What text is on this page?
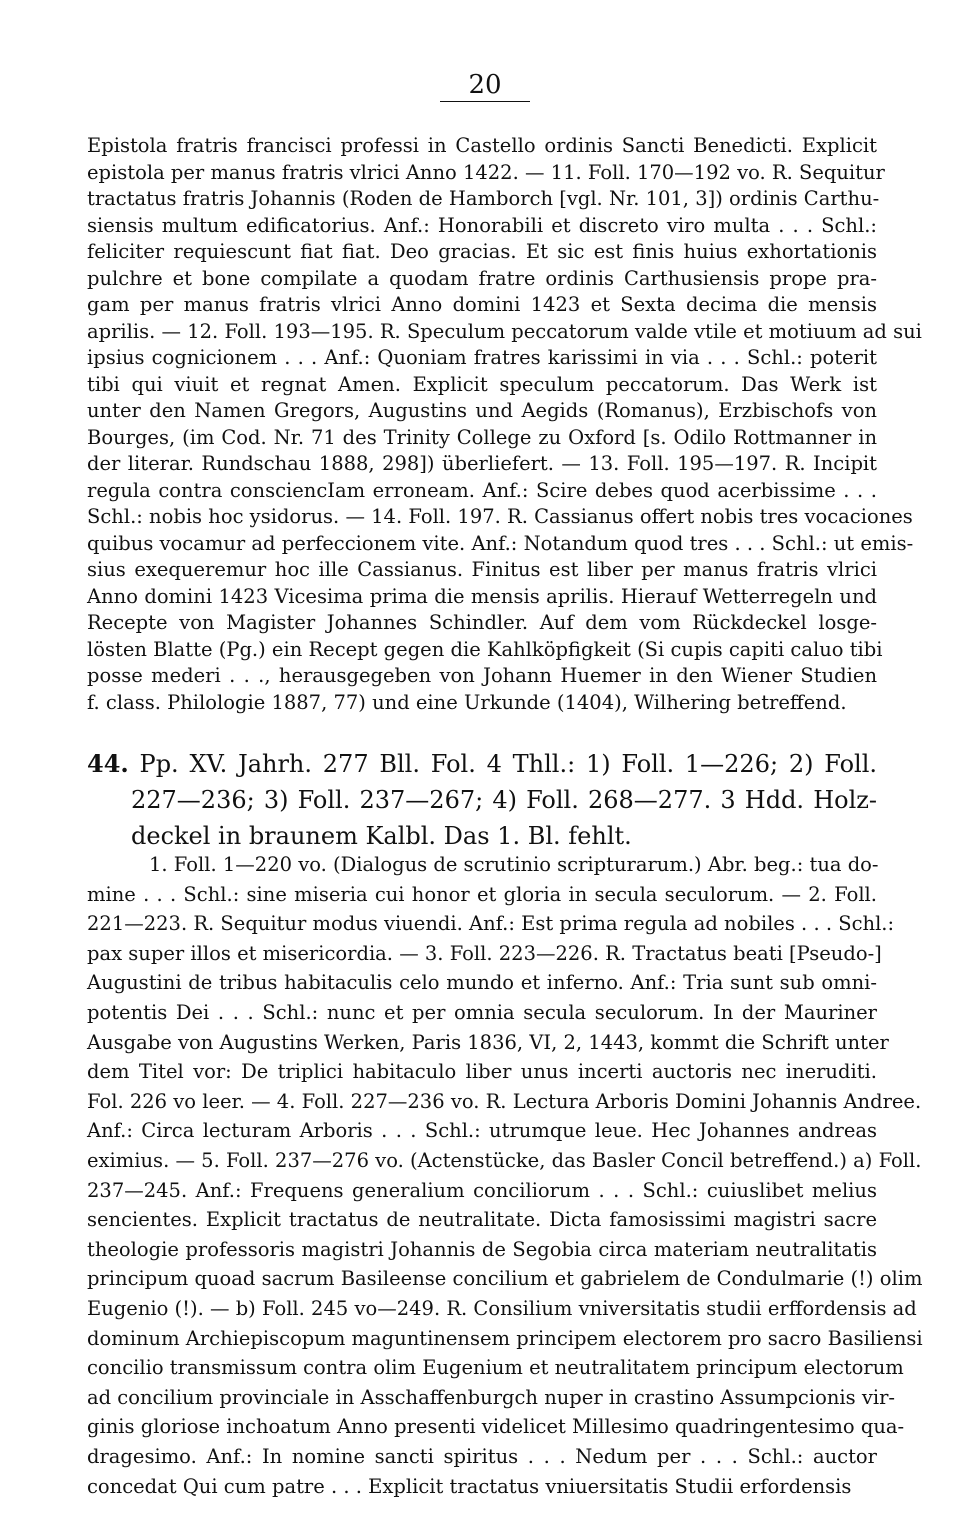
20
Epistola fratris francisci professi in Castello ordinis Sancti Benedicti. Explicit
epistola per manus fratris vlrici Anno 1422. — 11. Foll. 170—192 vo. R. Sequitur
tractatus fratris Johannis (Roden de Hamborch [vgl. Nr. 101, 3]) ordinis Carthu-
siensis multum edificatorius. Anf.: Honorabili et discreto viro multa . . . Schl.:
feliciter requiescunt fiat fiat. Deo gracias. Et sic est finis huius exhortationis
pulchre et bone compilate a quodam fratre ordinis Carthusiensis prope pra-
gam per manus fratris vlrici Anno domini 1423 et Sexta decima die mensis
aprilis. — 12. Foll. 193—195. R. Speculum peccatorum valde vtile et motiuum ad sui
ipsius cognicionem . . . Anf.: Quoniam fratres karissimi in via . . . Schl.: poterit
tibi qui viuit et regnat Amen. Explicit speculum peccatorum. Das Werk ist
unter den Namen Gregors, Augustins und Aegids (Romanus), Erzbischofs von
Bourges, (im Cod. Nr. 71 des Trinity College zu Oxford [s. Odilo Rottmanner in
der literar. Rundschau 1888, 298]) überliefert. — 13. Foll. 195—197. R. Incipit
regula contra consciencIam erroneam. Anf.: Scire debes quod acerbissime . . .
Schl.: nobis hoc ysidorus. — 14. Foll. 197. R. Cassianus offert nobis tres vocaciones
quibus vocamur ad perfeccionem vite. Anf.: Notandum quod tres . . . Schl.: ut emis-
sius exequeremur hoc ille Cassianus. Finitus est liber per manus fratris vlrici
Anno domini 1423 Vicesima prima die mensis aprilis. Hierauf Wetterregeln und
Recepte von Magister Johannes Schindler. Auf dem vom Rückdeckel losge-
lösten Blatte (Pg.) ein Recept gegen die Kahlköpfigkeit (Si cupis capiti caluo tibi
posse mederi . . ., herausgegeben von Johann Huemer in den Wiener Studien
f. class. Philologie 1887, 77) und eine Urkunde (1404), Wilhering betreffend.
44. Pp. XV. Jahrh. 277 Bll. Fol. 4 Thll.: 1) Foll. 1—226; 2) Foll.
227—236; 3) Foll. 237—267; 4) Foll. 268—277. 3 Hdd. Holz-
deckel in braunem Kalbl. Das 1. Bl. fehlt.
1. Foll. 1—220 vo. (Dialogus de scrutinio scripturarum.) Abr. beg.: tua do-
mine . . . Schl.: sine miseria cui honor et gloria in secula seculorum. — 2. Foll.
221—223. R. Sequitur modus viuendi. Anf.: Est prima regula ad nobiles . . . Schl.:
pax super illos et misericordia. — 3. Foll. 223—226. R. Tractatus beati [Pseudo-]
Augustini de tribus habitaculis celo mundo et inferno. Anf.: Tria sunt sub omni-
potentis Dei . . . Schl.: nunc et per omnia secula seculorum. In der Mauriner
Ausgabe von Augustins Werken, Paris 1836, VI, 2, 1443, kommt die Schrift unter
dem Titel vor: De triplici habitaculo liber unus incerti auctoris nec ineruditi.
Fol. 226 vo leer. — 4. Foll. 227—236 vo. R. Lectura Arboris Domini Johannis Andree.
Anf.: Circa lecturam Arboris . . . Schl.: utrumque leue. Hec Johannes andreas
eximius. — 5. Foll. 237—276 vo. (Actenstücke, das Basler Concil betreffend.) a) Foll.
237—245. Anf.: Frequens generalium conciliorum . . . Schl.: cuiuslibet melius
sencientes. Explicit tractatus de neutralitate. Dicta famosissimi magistri sacre
theologie professoris magistri Johannis de Segobia circa materiam neutralitatis
principum quoad sacrum Basileense concilium et gabrielem de Condulmarie (!) olim
Eugenio (!). — b) Foll. 245 vo—249. R. Consilium vniversitatis studii erffordensis ad
dominum Archiepiscopum maguntinensem principem electorem pro sacro Basiliensi
concilio transmissum contra olim Eugenium et neutralitatem principum electorum
ad concilium provinciale in Asschaffenburgch nuper in crastino Assumpcionis vir-
ginis gloriose inchoatum Anno presenti videlicet Millesimo quadringentesimo qua-
dragesimo. Anf.: In nomine sancti spiritus . . . Nedum per . . . Schl.: auctor
concedat Qui cum patre . . . Explicit tractatus vniuersitatis Studii erfordensis
